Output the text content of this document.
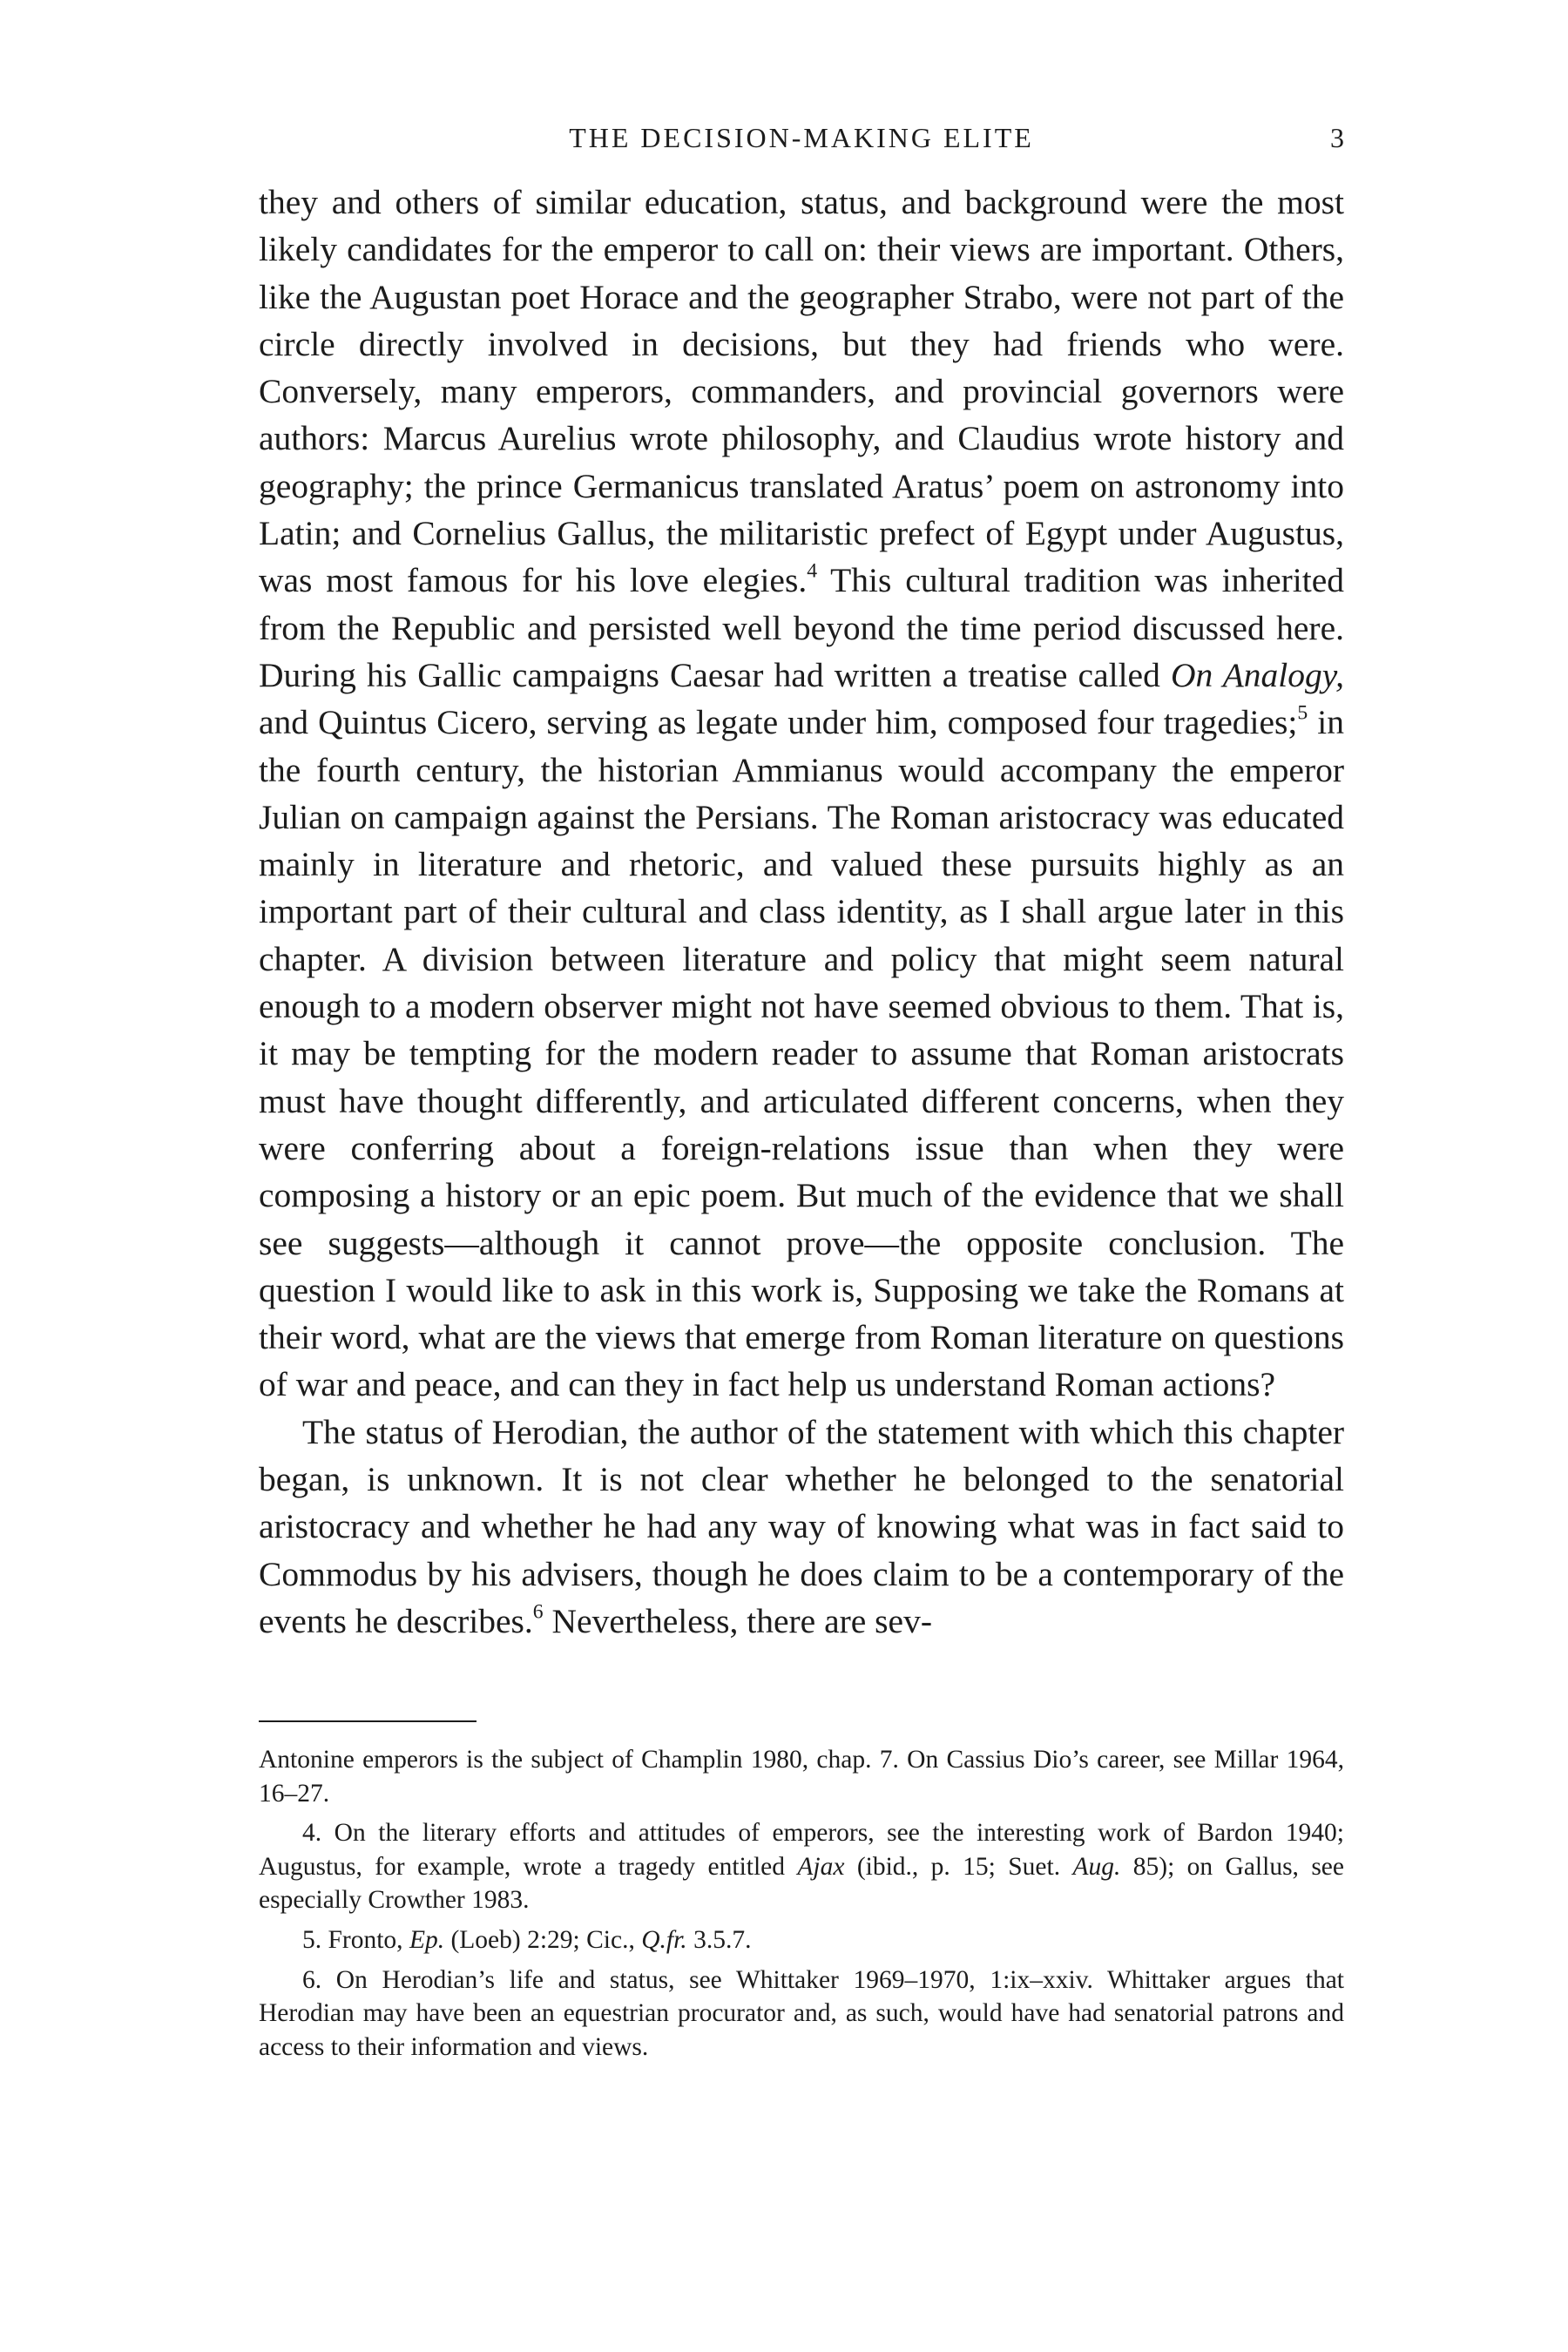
THE DECISION-MAKING ELITE	3

they and others of similar education, status, and background were the most likely candidates for the emperor to call on: their views are important. Others, like the Augustan poet Horace and the geographer Strabo, were not part of the circle directly involved in decisions, but they had friends who were. Conversely, many emperors, commanders, and provincial governors were authors: Marcus Aurelius wrote philosophy, and Claudius wrote history and geography; the prince Germanicus translated Aratus’ poem on astronomy into Latin; and Cornelius Gallus, the militaristic prefect of Egypt under Augustus, was most famous for his love elegies.$^4$ This cultural tradition was inherited from the Republic and persisted well beyond the time period discussed here. During his Gallic campaigns Caesar had written a treatise called On Analogy, and Quintus Cicero, serving as legate under him, composed four tragedies;$^5$ in the fourth century, the historian Ammianus would accompany the emperor Julian on campaign against the Persians. The Roman aristocracy was educated mainly in literature and rhetoric, and valued these pursuits highly as an important part of their cultural and class identity, as I shall argue later in this chapter. A division between literature and policy that might seem natural enough to a modern observer might not have seemed obvious to them. That is, it may be tempting for the modern reader to assume that Roman aristocrats must have thought differently, and articulated different concerns, when they were conferring about a foreign-relations issue than when they were composing a history or an epic poem. But much of the evidence that we shall see suggests—although it cannot prove—the opposite conclusion. The question I would like to ask in this work is, Supposing we take the Romans at their word, what are the views that emerge from Roman literature on questions of war and peace, and can they in fact help us understand Roman actions?

The status of Herodian, the author of the statement with which this chapter began, is unknown. It is not clear whether he belonged to the senatorial aristocracy and whether he had any way of knowing what was in fact said to Commodus by his advisers, though he does claim to be a contemporary of the events he describes.$^6$ Nevertheless, there are sev-

Antonine emperors is the subject of Champlin 1980, chap. 7. On Cassius Dio’s career, see Millar 1964, 16–27.

4. On the literary efforts and attitudes of emperors, see the interesting work of Bardon 1940; Augustus, for example, wrote a tragedy entitled Ajax (ibid., p. 15; Suet. Aug. 85); on Gallus, see especially Crowther 1983.

5. Fronto, Ep. (Loeb) 2:29; Cic., Q.fr. 3.5.7.

6. On Herodian’s life and status, see Whittaker 1969–1970, 1:ix–xxiv. Whittaker argues that Herodian may have been an equestrian procurator and, as such, would have had senatorial patrons and access to their information and views.
